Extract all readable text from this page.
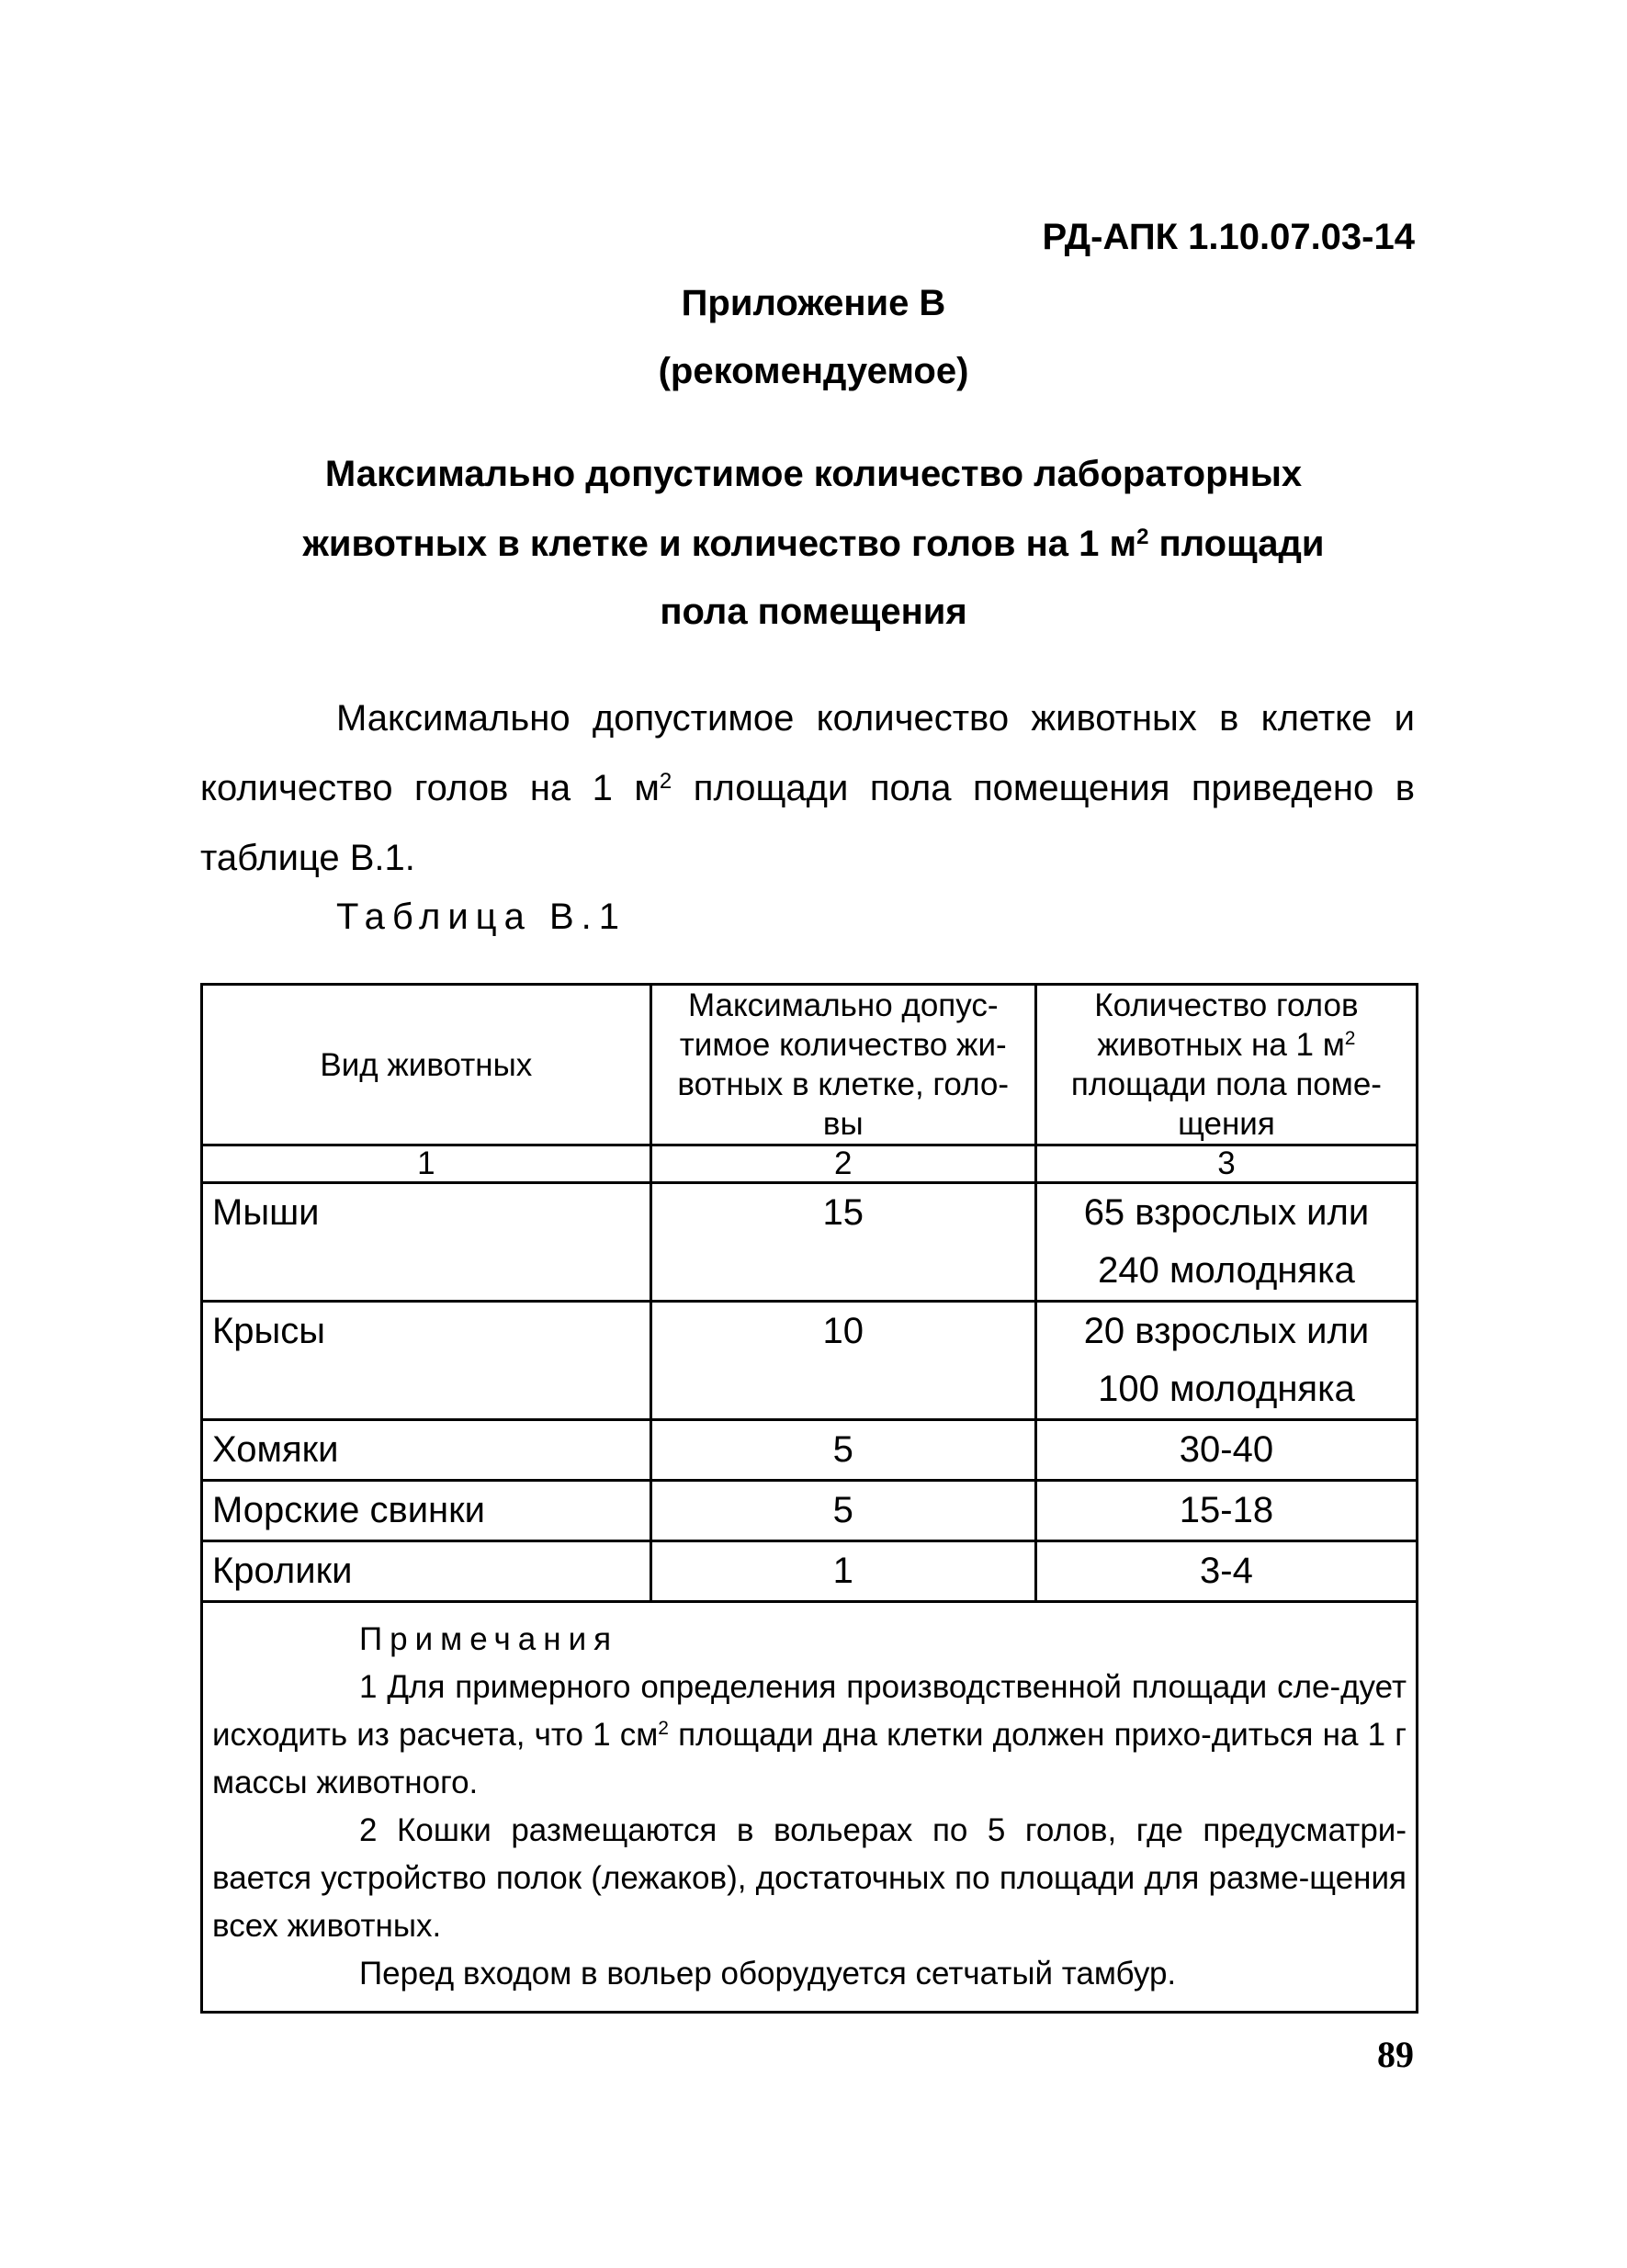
РД-АПК 1.10.07.03-14
Приложение В
(рекомендуемое)
Максимально допустимое количество лабораторных
животных в клетке и количество голов на 1 $м^2$ площади
пола помещения

Максимально допустимое количество животных в клетке и количество голов на 1 $м^2$ площади пола помещения приведено в таблице В.1.

Таблица В.1
Вид животных	Максимально допус-тимое количество жи-вотных в клетке, голо-вы	Количество голов животных на 1 $м^2$ площади пола поме-щения
1	2	3
Мыши	15	65 взрослых или
240 молодняка

Крысы	10	20 взрослых или
100 молодняка

Хомяки	5	30-40
Морские свинки	5	15-18
Кролики	1	3-4

Примечания

1 Для примерного определения производственной площади сле-дует исходить из расчета, что 1 $см^2$ площади дна клетки должен прихо-диться на 1 г массы животного.

2 Кошки размещаются в вольерах по 5 голов, где предусматри-вается устройство полок (лежаков), достаточных по площади для разме-щения всех животных.

Перед входом в вольер оборудуется сетчатый тамбур.		

89
